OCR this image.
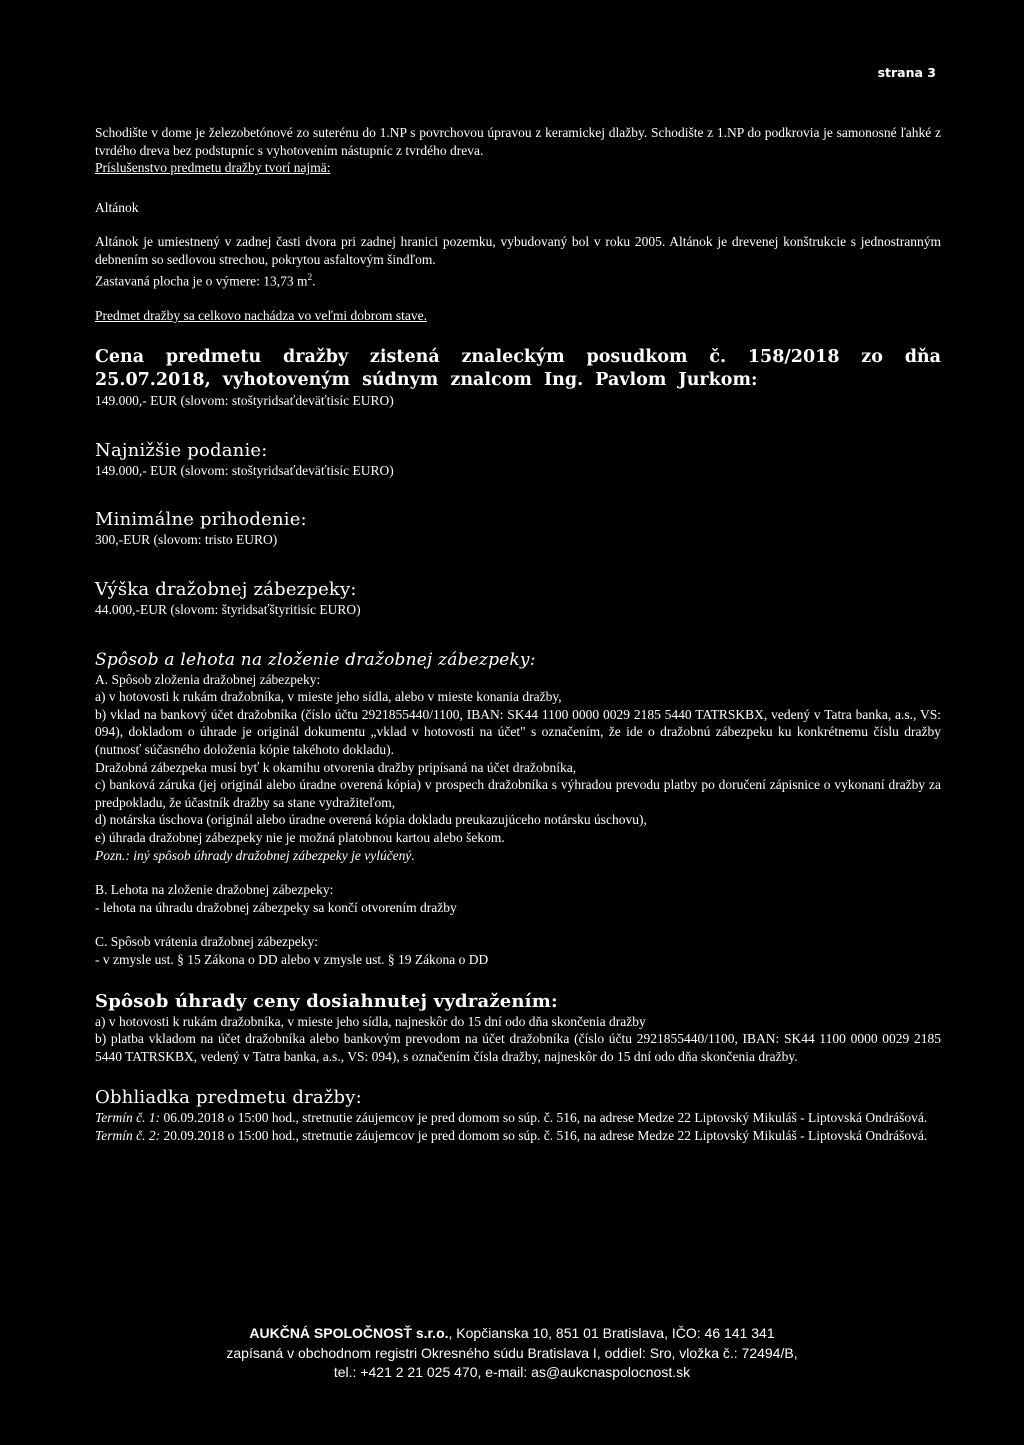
strana 3

Schodište v dome je železobetónové zo suterénu do 1.NP s povrchovou úpravou z keramickej dlažby. Schodište z 1.NP do podkrovia je samonosné ľahké z tvrdého dreva bez podstupníc s vyhotovením nástupníc z tvrdého dreva.

Príslušenstvo predmetu dražby tvorí najmä:

Altánok

Altánok je umiestnený v zadnej časti dvora pri zadnej hranici pozemku, vybudovaný bol v roku 2005. Altánok je drevenej konštrukcie s jednostranným debnením so sedlovou strechou, pokrytou asfaltovým šindľom.

Zastavaná plocha je o výmere: 13,73 $m^2$.

Predmet dražby sa celkovo nachádza vo veľmi dobrom stave.

Cena predmetu dražby zistená znaleckým posudkom č. 158/2018 zo dňa 25.07.2018, vyhotoveným súdnym znalcom Ing. Pavlom Jurkom:

149.000,- EUR (slovom: stoštyridsaťdeväťtisíc EURO)

Najnižšie podanie:

149.000,- EUR (slovom: stoštyridsaťdeväťtisíc EURO)

Minimálne prihodenie:

300,-EUR (slovom: tristo EURO)

Výška dražobnej zábezpeky:

44.000,-EUR (slovom: štyridsaťštyritisíc EURO)

Spôsob a lehota na zloženie dražobnej zábezpeky:

A. Spôsob zloženia dražobnej zábezpeky:

a) v hotovosti k rukám dražobníka, v mieste jeho sídla, alebo v mieste konania dražby,

b) vklad na bankový účet dražobníka (číslo účtu 2921855440/1100, IBAN: SK44 1100 0000 0029 2185 5440 TATRSKBX, vedený v Tatra banka, a.s., VS: 094), dokladom o úhrade je originál dokumentu „vklad v hotovosti na účet" s označením, že ide o dražobnú zábezpeku ku konkrétnemu číslu dražby (nutnosť súčasného doloženia kópie takéhoto dokladu).

Dražobná zábezpeka musí byť k okamihu otvorenia dražby pripísaná na účet dražobníka,

c) banková záruka (jej originál alebo úradne overená kópia) v prospech dražobníka s výhradou prevodu platby po doručení zápisnice o vykonaní dražby za predpokladu, že účastník dražby sa stane vydražiteľom,

d) notárska úschova (originál alebo úradne overená kópia dokladu preukazujúceho notársku úschovu),

e) úhrada dražobnej zábezpeky nie je možná platobnou kartou alebo šekom.

Pozn.: iný spôsob úhrady dražobnej zábezpeky je vylúčený.

B. Lehota na zloženie dražobnej zábezpeky:

- lehota na úhradu dražobnej zábezpeky sa končí otvorením dražby

C. Spôsob vrátenia dražobnej zábezpeky:

- v zmysle ust. § 15 Zákona o DD alebo v zmysle ust. § 19 Zákona o DD

Spôsob úhrady ceny dosiahnutej vydražením:

a) v hotovosti k rukám dražobníka, v mieste jeho sídla, najneskôr do 15 dní odo dňa skončenia dražby

b) platba vkladom na účet dražobníka alebo bankovým prevodom na účet dražobníka (číslo účtu 2921855440/1100, IBAN: SK44 1100 0000 0029 2185 5440 TATRSKBX, vedený v Tatra banka, a.s., VS: 094), s označením čísla dražby, najneskôr do 15 dní odo dňa skončenia dražby.

Obhliadka predmetu dražby:

Termín č. 1: 06.09.2018 o 15:00 hod., stretnutie záujemcov je pred domom so súp. č. 516, na adrese Medze 22 Liptovský Mikuláš - Liptovská Ondrášová.

Termín č. 2: 20.09.2018 o 15:00 hod., stretnutie záujemcov je pred domom so súp. č. 516, na adrese Medze 22 Liptovský Mikuláš - Liptovská Ondrášová.

AUKČNÁ SPOLOČNOSŤ s.r.o., Kopčianska 10, 851 01 Bratislava, IČO: 46 141 341
zapísaná v obchodnom registri Okresného súdu Bratislava I, oddiel: Sro, vložka č.: 72494/B,
tel.: +421 2 21 025 470, e-mail: as@aukcnaspolocnost.sk
